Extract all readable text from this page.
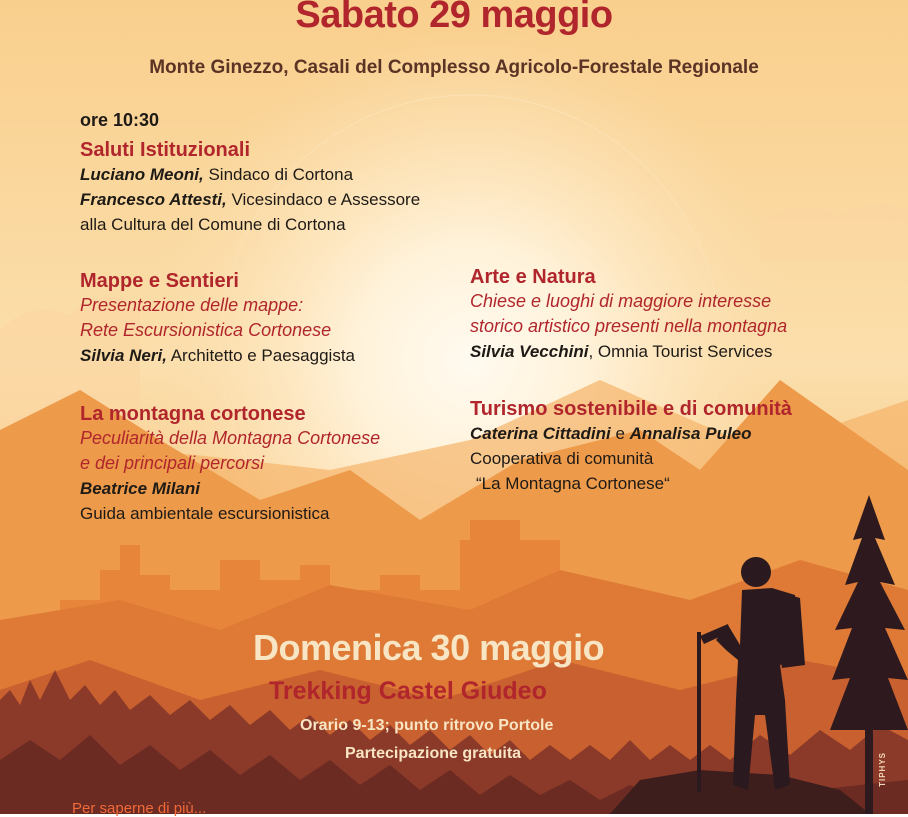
Sabato 29 maggio
Monte Ginezzo, Casali del Complesso Agricolo-Forestale Regionale
ore 10:30
Saluti Istituzionali
Luciano Meoni, Sindaco di Cortona
Francesco Attesti, Vicesindaco e Assessore
alla Cultura del Comune di Cortona
Mappe e Sentieri
Presentazione delle mappe:
Rete Escursionistica Cortonese
Silvia Neri, Architetto e Paesaggista
La montagna cortonese
Peculiarità della Montagna Cortonese
e dei principali percorsi
Beatrice Milani
Guida ambientale escursionistica
Arte e Natura
Chiese e luoghi di maggiore interesse
storico artistico presenti nella montagna
Silvia Vecchini, Omnia Tourist Services
Turismo sostenibile e di comunità
Caterina Cittadini e Annalisa Puleo
Cooperativa di comunità
“La Montagna Cortonese“
Domenica 30 maggio
Trekking Castel Giudeo
Orario 9-13; punto ritrovo Portole
Partecipazione gratuita	TIPHYS
Per saperne di più...
